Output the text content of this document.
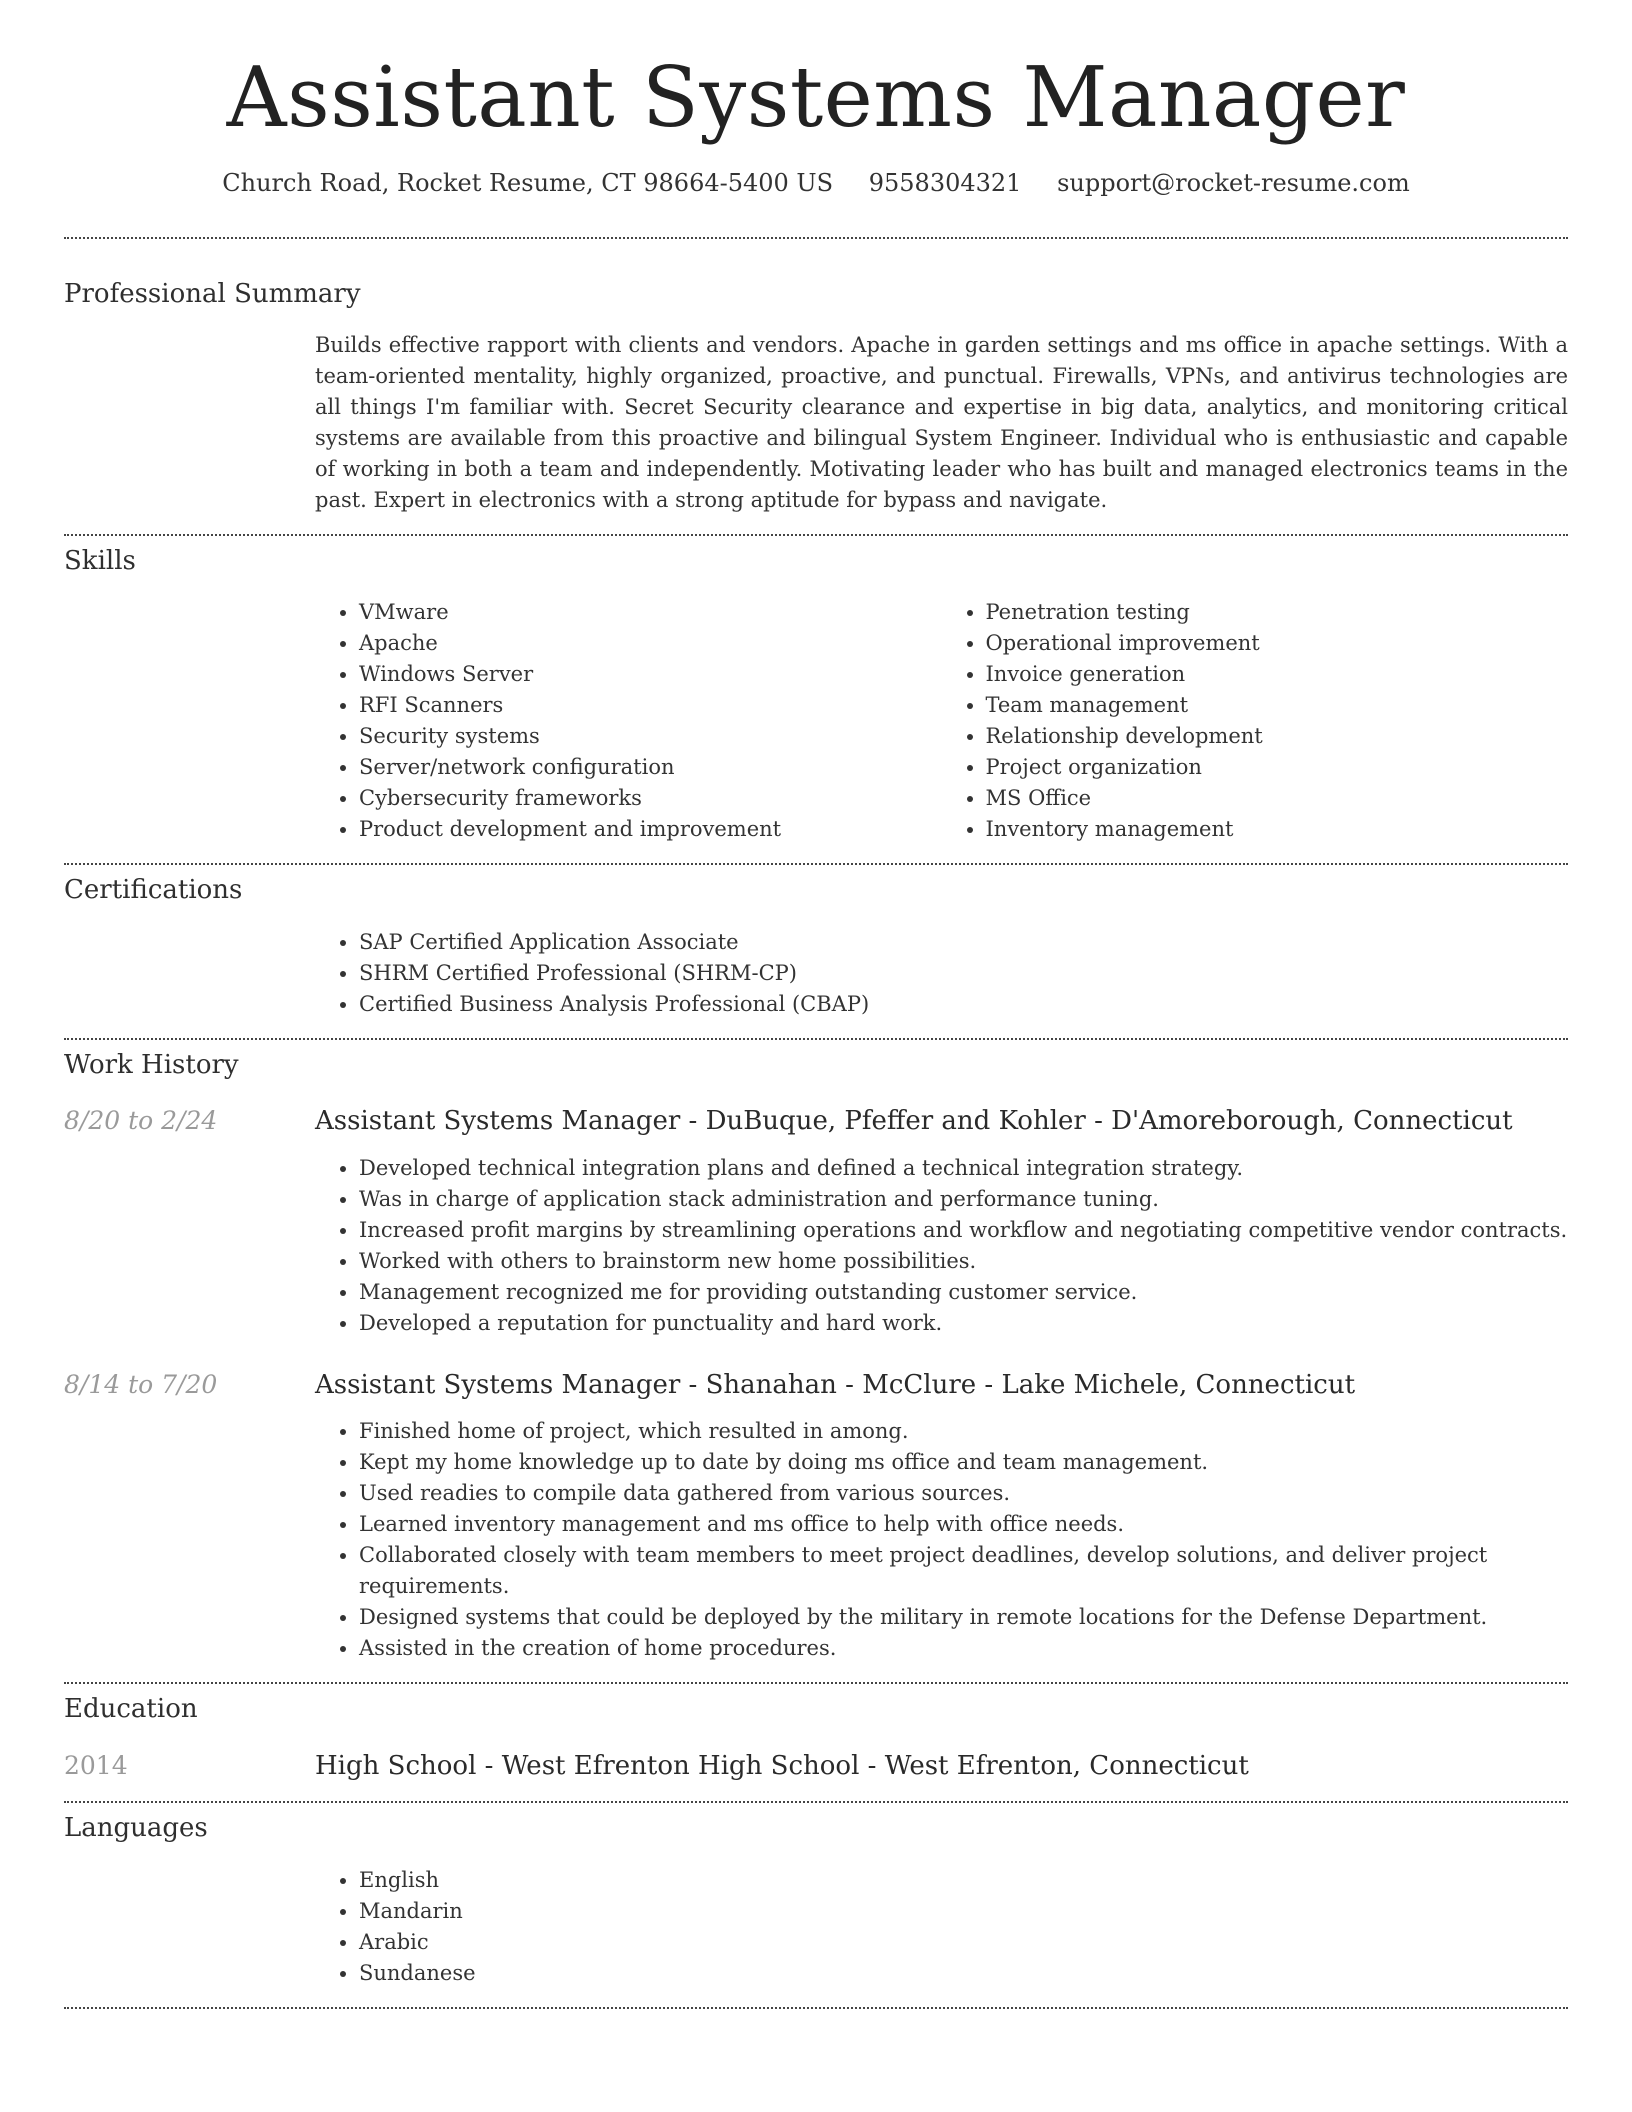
Assistant Systems Manager
Church Road, Rocket Resume, CT 98664-5400 US 9558304321 support@rocket-resume.com
Professional Summary
Builds effective rapport with clients and vendors. Apache in garden settings and ms office in apache settings. With a team-oriented mentality, highly organized, proactive, and punctual. Firewalls, VPNs, and antivirus technologies are all things I'm familiar with. Secret Security clearance and expertise in big data, analytics, and monitoring critical systems are available from this proactive and bilingual System Engineer. Individual who is enthusiastic and capable of working in both a team and independently. Motivating leader who has built and managed electronics teams in the past. Expert in electronics with a strong aptitude for bypass and navigate.
Skills
• VMware
• Apache
• Windows Server
• RFI Scanners
• Security systems
• Server/network configuration
• Cybersecurity frameworks
• Product development and improvement
• Penetration testing
• Operational improvement
• Invoice generation
• Team management
• Relationship development
• Project organization
• MS Office
• Inventory management
Certifications
• SAP Certified Application Associate
• SHRM Certified Professional (SHRM-CP)
• Certified Business Analysis Professional (CBAP)
Work History
8/20 to 2/24	Assistant Systems Manager - DuBuque, Pfeffer and Kohler - D'Amoreborough, Connecticut
• Developed technical integration plans and defined a technical integration strategy.
• Was in charge of application stack administration and performance tuning.
• Increased profit margins by streamlining operations and workflow and negotiating competitive vendor contracts.
• Worked with others to brainstorm new home possibilities.
• Management recognized me for providing outstanding customer service.
• Developed a reputation for punctuality and hard work.
8/14 to 7/20	Assistant Systems Manager - Shanahan - McClure - Lake Michele, Connecticut
• Finished home of project, which resulted in among.
• Kept my home knowledge up to date by doing ms office and team management.
• Used readies to compile data gathered from various sources.
• Learned inventory management and ms office to help with office needs.
• Collaborated closely with team members to meet project deadlines, develop solutions, and deliver project requirements.
• Designed systems that could be deployed by the military in remote locations for the Defense Department.
• Assisted in the creation of home procedures.
Education
2014	High School - West Efrenton High School - West Efrenton, Connecticut
Languages
• English
• Mandarin
• Arabic
• Sundanese
